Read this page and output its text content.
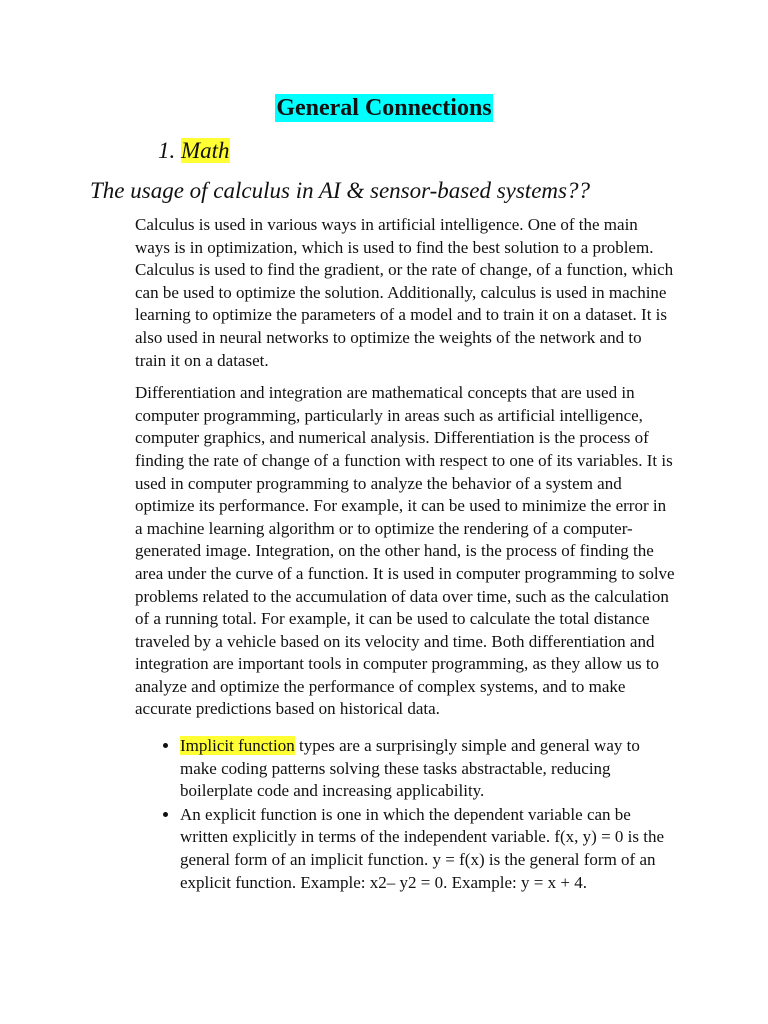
General Connections
1. Math
The usage of calculus in AI & sensor-based systems??

Calculus is used in various ways in artificial intelligence. One of the main ways is in optimization, which is used to find the best solution to a problem. Calculus is used to find the gradient, or the rate of change, of a function, which can be used to optimize the solution. Additionally, calculus is used in machine learning to optimize the parameters of a model and to train it on a dataset. It is also used in neural networks to optimize the weights of the network and to train it on a dataset.

Differentiation and integration are mathematical concepts that are used in computer programming, particularly in areas such as artificial intelligence, computer graphics, and numerical analysis. Differentiation is the process of finding the rate of change of a function with respect to one of its variables. It is used in computer programming to analyze the behavior of a system and optimize its performance. For example, it can be used to minimize the error in a machine learning algorithm or to optimize the rendering of a computer-generated image. Integration, on the other hand, is the process of finding the area under the curve of a function. It is used in computer programming to solve problems related to the accumulation of data over time, such as the calculation of a running total. For example, it can be used to calculate the total distance traveled by a vehicle based on its velocity and time. Both differentiation and integration are important tools in computer programming, as they allow us to analyze and optimize the performance of complex systems, and to make accurate predictions based on historical data.

• Implicit function types are a surprisingly simple and general way to make coding patterns solving these tasks abstractable, reducing boilerplate code and increasing applicability.
• An explicit function is one in which the dependent variable can be written explicitly in terms of the independent variable. f(x, y) = 0 is the general form of an implicit function. y = f(x) is the general form of an explicit function. Example: x2– y2 = 0. Example: y = x + 4.
